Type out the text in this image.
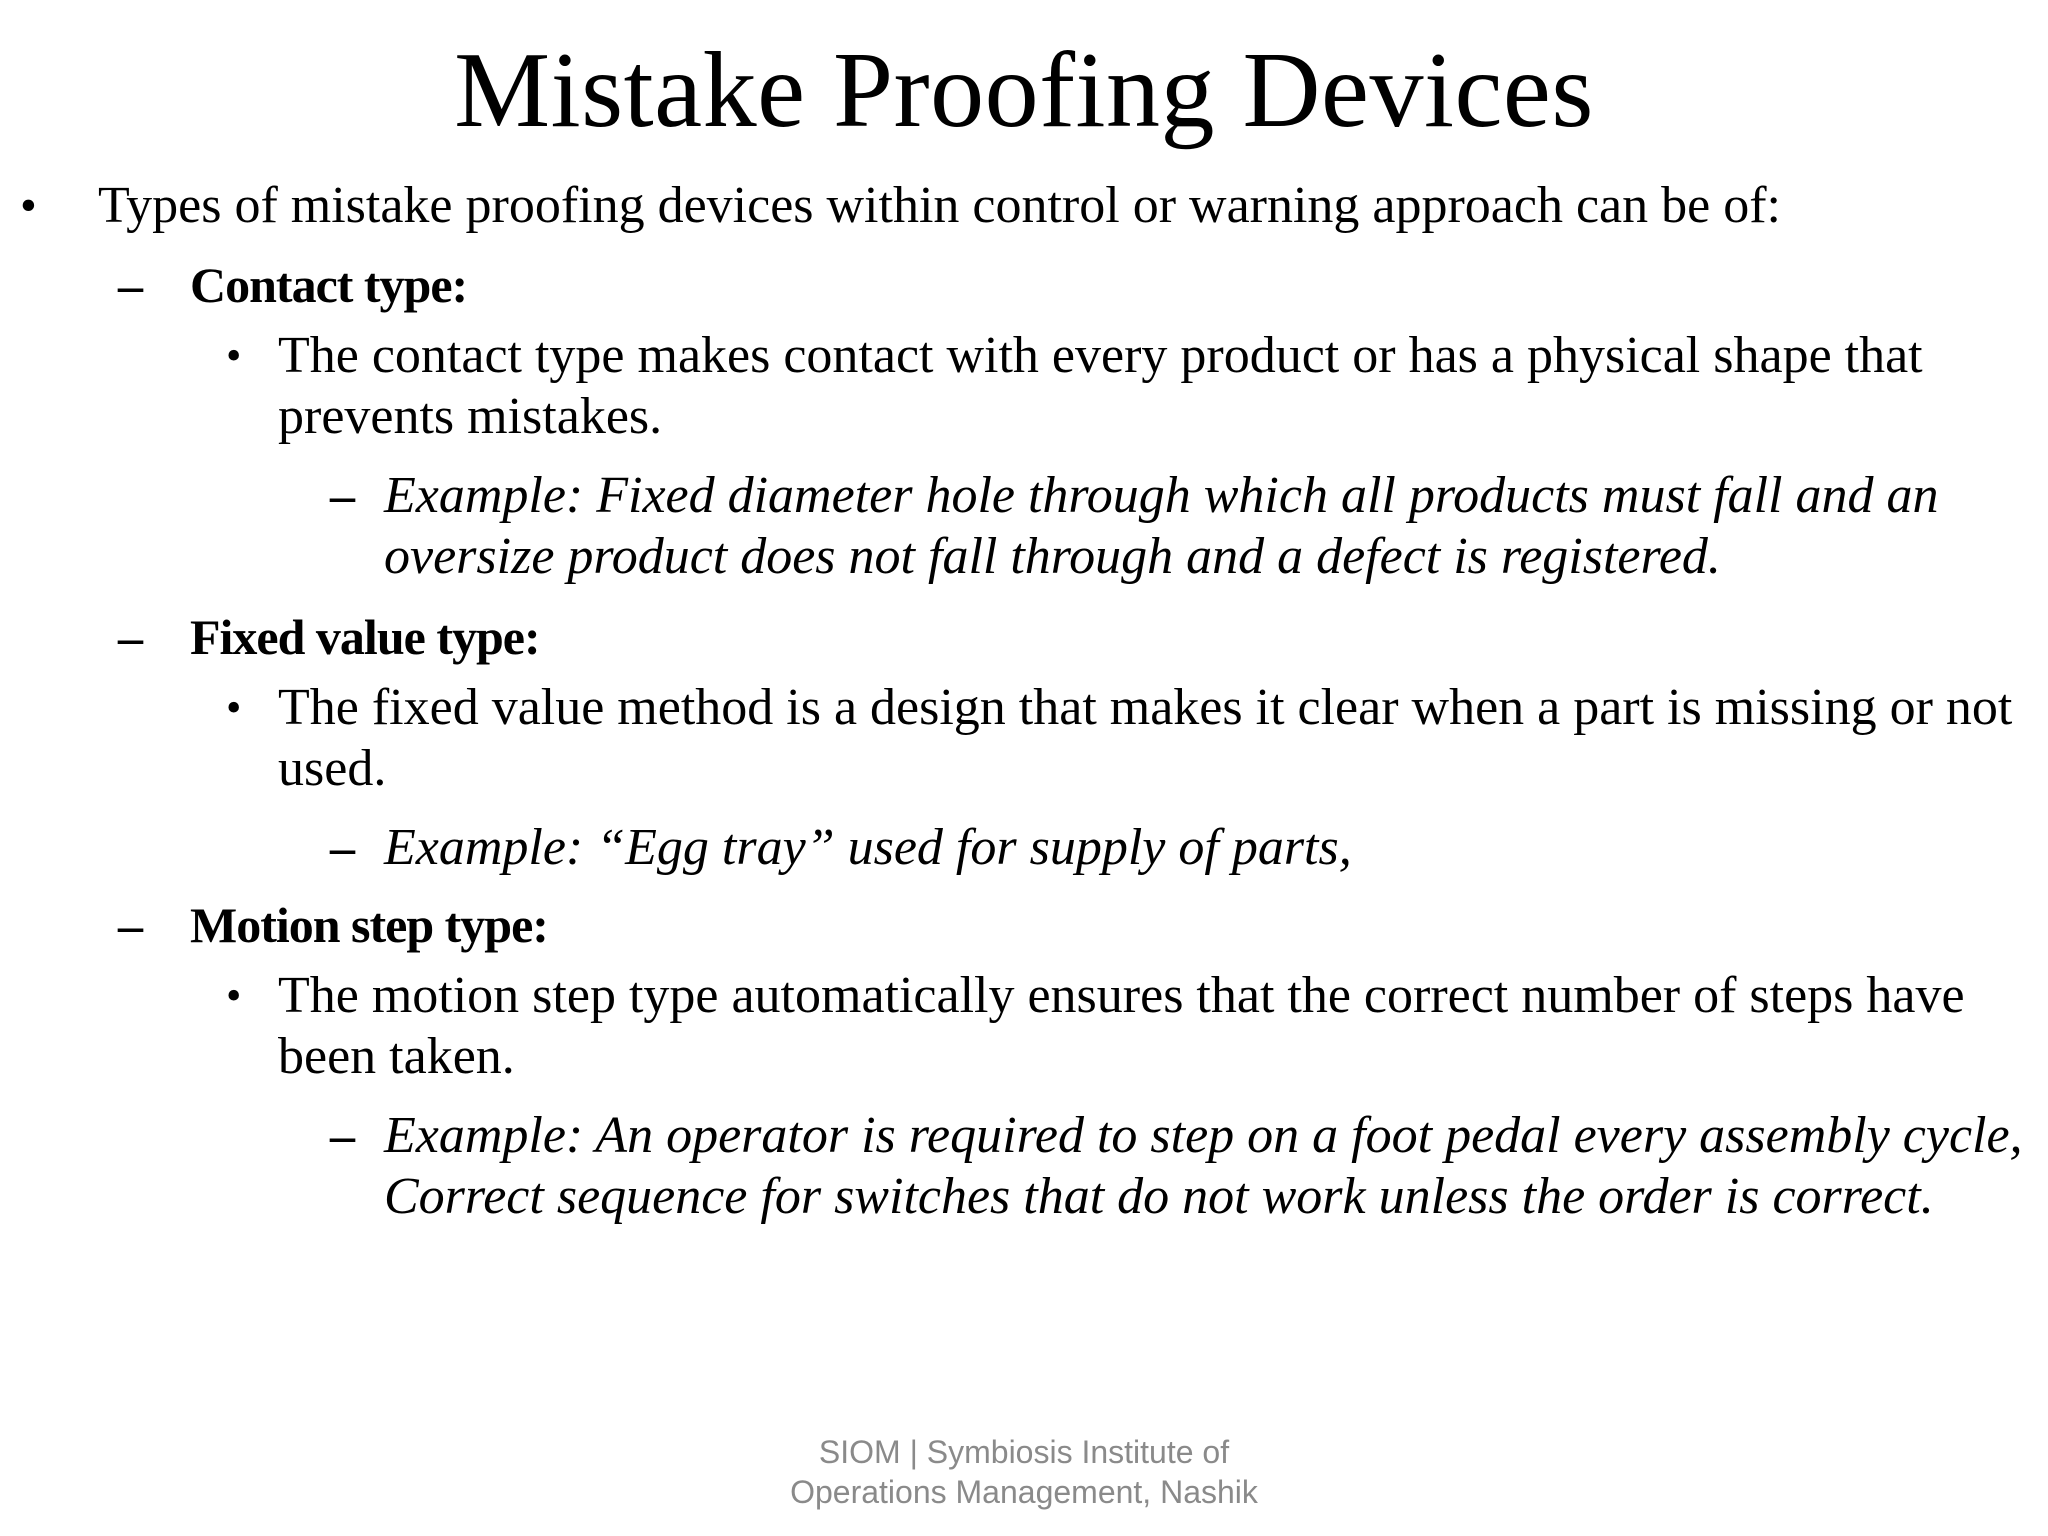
Mistake Proofing Devices
• Types of mistake proofing devices within control or warning approach can be of:
– Contact type:
• The contact type makes contact with every product or has a physical shape that prevents mistakes.
– Example: Fixed diameter hole through which all products must fall and an oversize product does not fall through and a defect is registered.
– Fixed value type:
• The fixed value method is a design that makes it clear when a part is missing or not used.
– Example: “Egg tray” used for supply of parts,
– Motion step type:
• The motion step type automatically ensures that the correct number of steps have been taken.
– Example: An operator is required to step on a foot pedal every assembly cycle, Correct sequence for switches that do not work unless the order is correct.
SIOM | Symbiosis Institute of
Operations Management, Nashik
